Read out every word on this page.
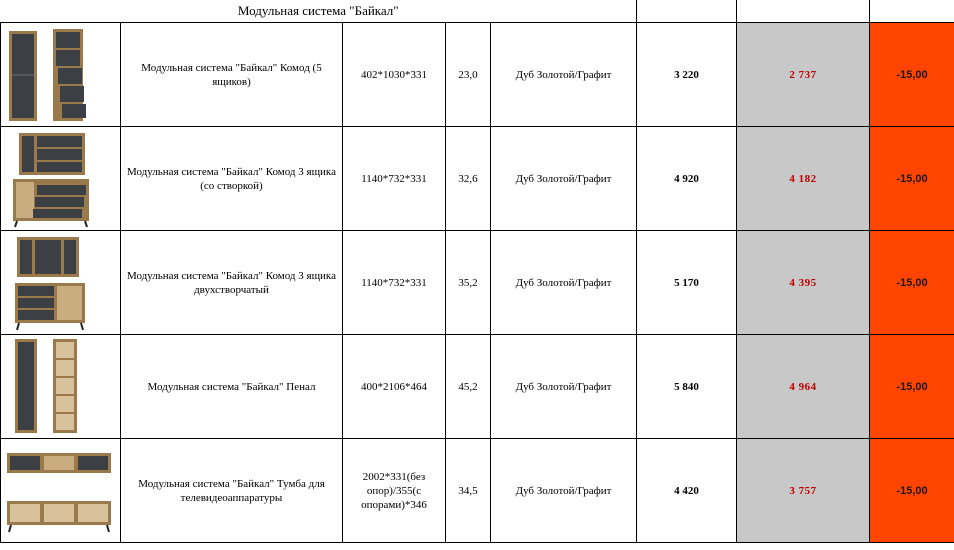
Модульная система "Байкал"							

	Модульная система "Байкал" Комод (5 ящиков)	402*1030*331	23,0	Дуб Золотой/Графит	3 220	2 737	-15,00

	Модульная система "Байкал" Комод 3 ящика (со створкой)	1140*732*331	32,6	Дуб Золотой/Графит	4 920	4 182	-15,00

	Модульная система "Байкал" Комод 3 ящика двухстворчатый	1140*732*331	35,2	Дуб Золотой/Графит	5 170	4 395	-15,00

	Модульная система "Байкал" Пенал	400*2106*464	45,2	Дуб Золотой/Графит	5 840	4 964	-15,00

	Модульная система "Байкал" Тумба для телевидеоаппаратуры	2002*331(без опор)/355(с опорами)*346	34,5	Дуб Золотой/Графит	4 420	3 757	-15,00
